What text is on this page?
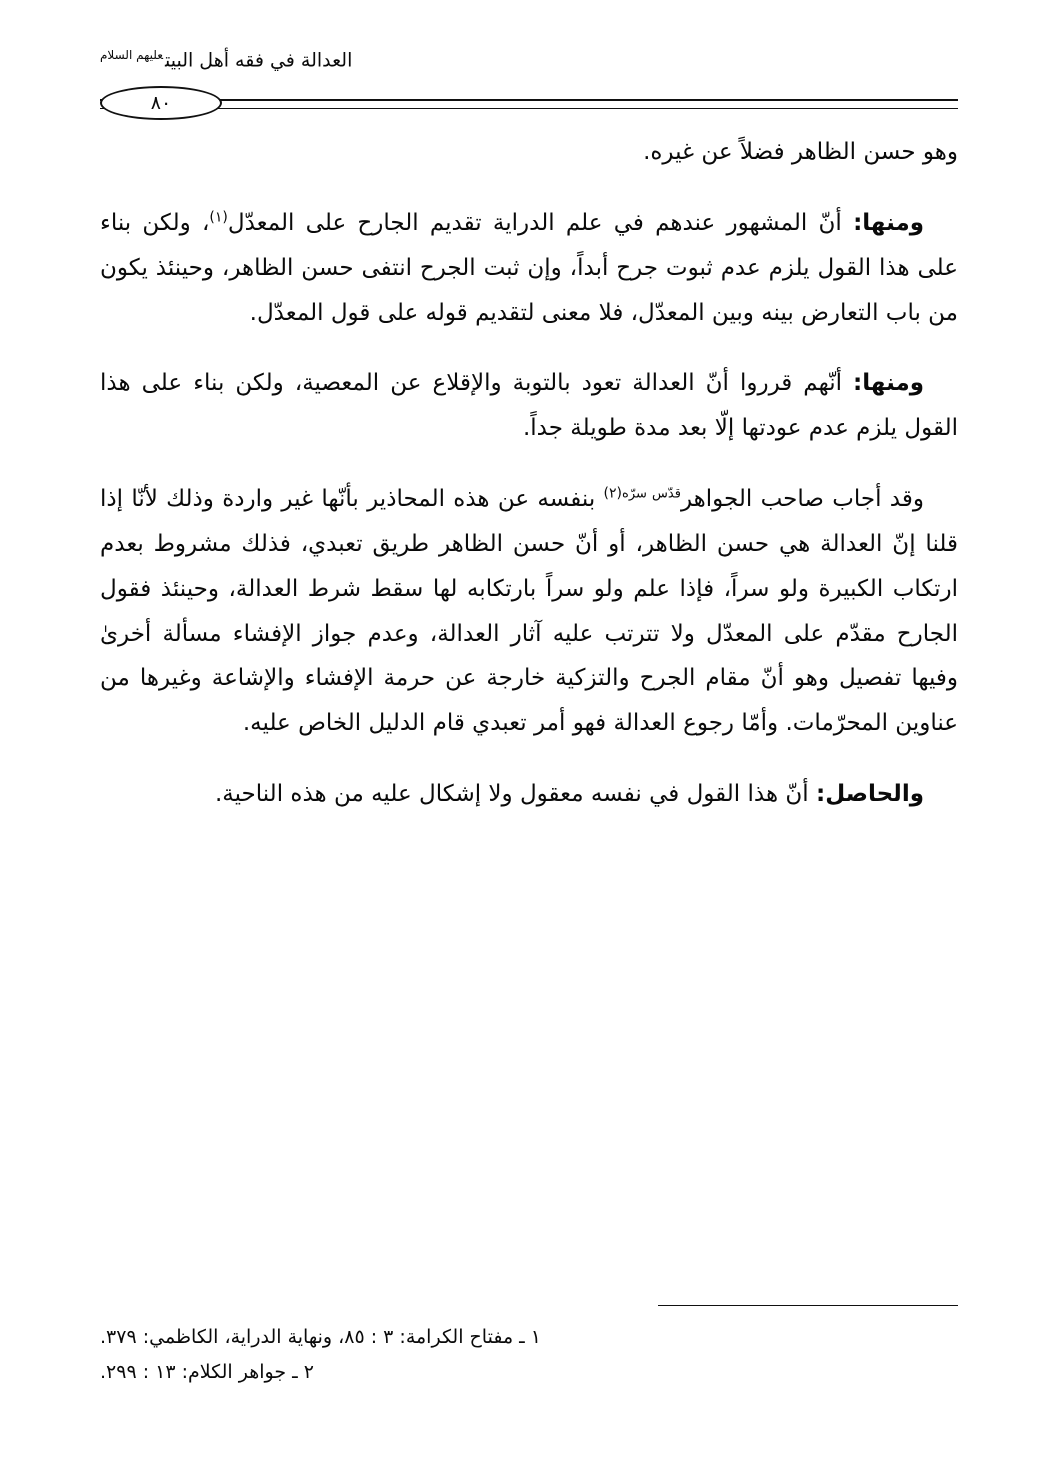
العدالة في فقه أهل البيت$^{عليهم السلام}$
٨٠

وهو حسن الظاهر فضلاً عن غيره.

ومنها: أنّ المشهور عندهم في علم الدراية تقديم الجارح على المعدّل$^{(١)}$، ولكن بناء على هذا القول يلزم عدم ثبوت جرح أبداً، وإن ثبت الجرح انتفى حسن الظاهر، وحينئذ يكون من باب التعارض بينه وبين المعدّل، فلا معنى لتقديم قوله على قول المعدّل.

ومنها: أنّهم قرروا أنّ العدالة تعود بالتوبة والإقلاع عن المعصية، ولكن بناء على هذا القول يلزم عدم عودتها إلّا بعد مدة طويلة جداً.

وقد أجاب صاحب الجواهر$^{قدّس سرّه(٢)}$ بنفسه عن هذه المحاذير بأنّها غير واردة وذلك لأنّا إذا قلنا إنّ العدالة هي حسن الظاهر، أو أنّ حسن الظاهر طريق تعبدي، فذلك مشروط بعدم ارتكاب الكبيرة ولو سراً، فإذا علم ولو سراً بارتكابه لها سقط شرط العدالة، وحينئذ فقول الجارح مقدّم على المعدّل ولا تترتب عليه آثار العدالة، وعدم جواز الإفشاء مسألة أخرىٰ وفيها تفصيل وهو أنّ مقام الجرح والتزكية خارجة عن حرمة الإفشاء والإشاعة وغيرها من عناوين المحرّمات. وأمّا رجوع العدالة فهو أمر تعبدي قام الدليل الخاص عليه.

والحاصل: أنّ هذا القول في نفسه معقول ولا إشكال عليه من هذه الناحية.

١ ـ مفتاح الكرامة: ٣ : ٨٥، ونهاية الدراية، الكاظمي: ٣٧٩.
٢ ـ جواهر الكلام: ١٣ : ٢٩٩.
